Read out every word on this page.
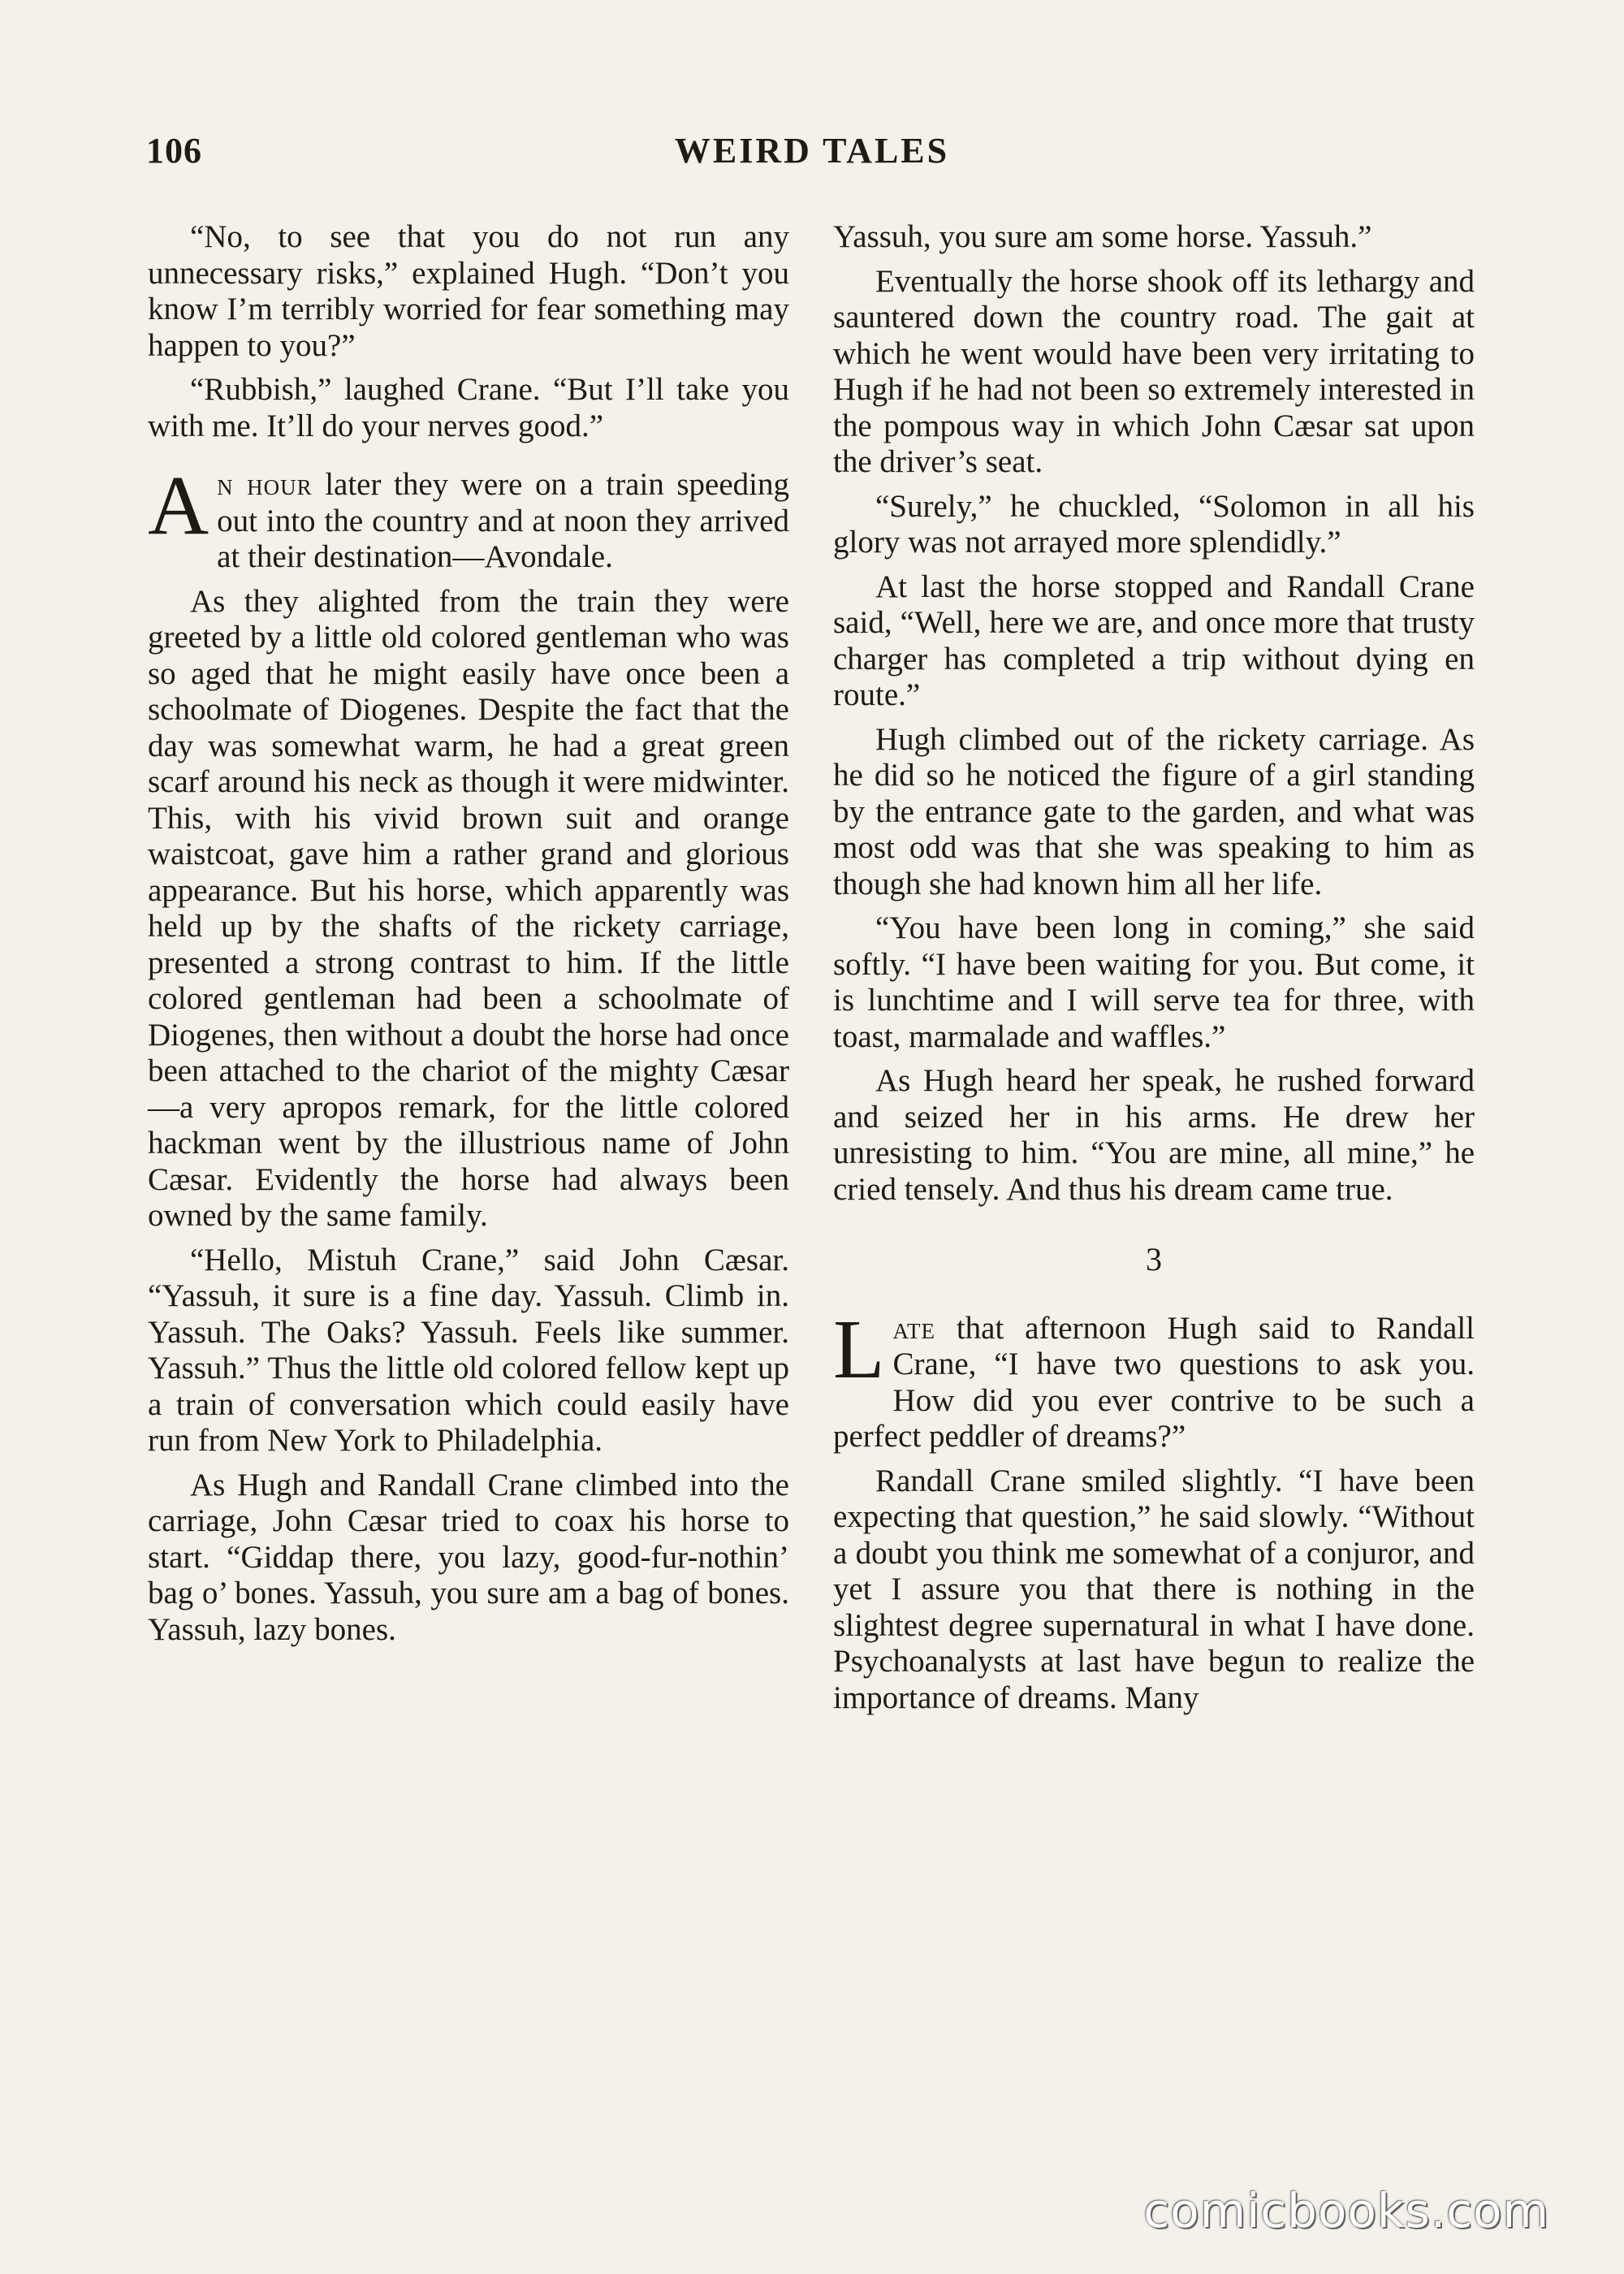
106	WEIRD TALES

“No, to see that you do not run any unnecessary risks,” explained Hugh. “Don’t you know I’m terribly worried for fear something may happen to you?”

“Rubbish,” laughed Crane. “But I’ll take you with me. It’ll do your nerves good.”

An hour later they were on a train speeding out into the country and at noon they arrived at their destination—Avondale.

As they alighted from the train they were greeted by a little old colored gentleman who was so aged that he might easily have once been a schoolmate of Diogenes. Despite the fact that the day was somewhat warm, he had a great green scarf around his neck as though it were midwinter. This, with his vivid brown suit and orange waistcoat, gave him a rather grand and glorious appearance. But his horse, which apparently was held up by the shafts of the rickety carriage, presented a strong contrast to him. If the little colored gentleman had been a schoolmate of Diogenes, then without a doubt the horse had once been attached to the chariot of the mighty Cæsar—a very apropos remark, for the little colored hackman went by the illustrious name of John Cæsar. Evidently the horse had always been owned by the same family.

“Hello, Mistuh Crane,” said John Cæsar. “Yassuh, it sure is a fine day. Yassuh. Climb in. Yassuh. The Oaks? Yassuh. Feels like summer. Yassuh.” Thus the little old colored fellow kept up a train of conversation which could easily have run from New York to Philadelphia.

As Hugh and Randall Crane climbed into the carriage, John Cæsar tried to coax his horse to start. “Giddap there, you lazy, good-fur-nothin’ bag o’ bones. Yassuh, you sure am a bag of bones. Yassuh, lazy bones.

Yassuh, you sure am some horse. Yassuh.”

Eventually the horse shook off its lethargy and sauntered down the country road. The gait at which he went would have been very irritating to Hugh if he had not been so extremely interested in the pompous way in which John Cæsar sat upon the driver’s seat.

“Surely,” he chuckled, “Solomon in all his glory was not arrayed more splendidly.”

At last the horse stopped and Randall Crane said, “Well, here we are, and once more that trusty charger has completed a trip without dying en route.”

Hugh climbed out of the rickety carriage. As he did so he noticed the figure of a girl standing by the entrance gate to the garden, and what was most odd was that she was speaking to him as though she had known him all her life.

“You have been long in coming,” she said softly. “I have been waiting for you. But come, it is lunchtime and I will serve tea for three, with toast, marmalade and waffles.”

As Hugh heard her speak, he rushed forward and seized her in his arms. He drew her unresisting to him. “You are mine, all mine,” he cried tensely. And thus his dream came true.

3

Late that afternoon Hugh said to Randall Crane, “I have two questions to ask you. How did you ever contrive to be such a perfect peddler of dreams?”

Randall Crane smiled slightly. “I have been expecting that question,” he said slowly. “Without a doubt you think me somewhat of a conjuror, and yet I assure you that there is nothing in the slightest degree supernatural in what I have done. Psychoanalysts at last have begun to realize the importance of dreams. Many

comicbooks.com
